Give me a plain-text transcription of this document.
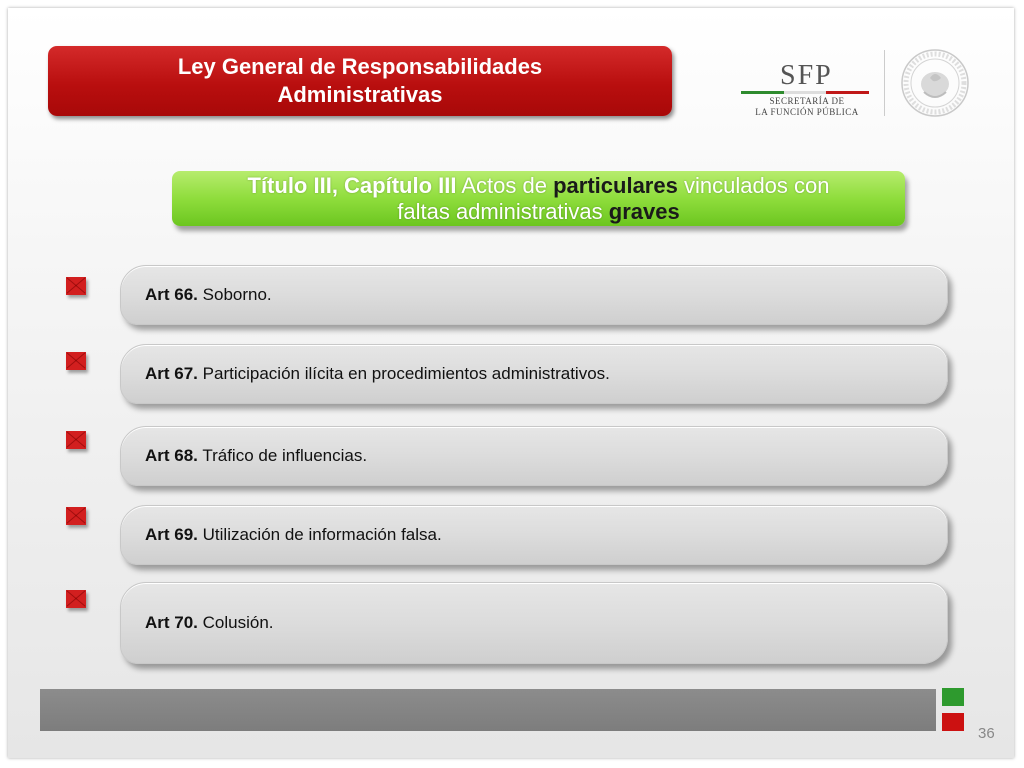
Ley General de Responsabilidades
Administrativas
SFP
SECRETARÍA DE
LA FUNCIÓN PÚBLICA
Título III, Capítulo III Actos de particulares vinculados con
faltas administrativas graves
Art 66. Soborno.
Art 67. Participación ilícita en procedimientos administrativos.
Art 68. Tráfico de influencias.
Art 69. Utilización de información falsa.
Art 70. Colusión.
36
